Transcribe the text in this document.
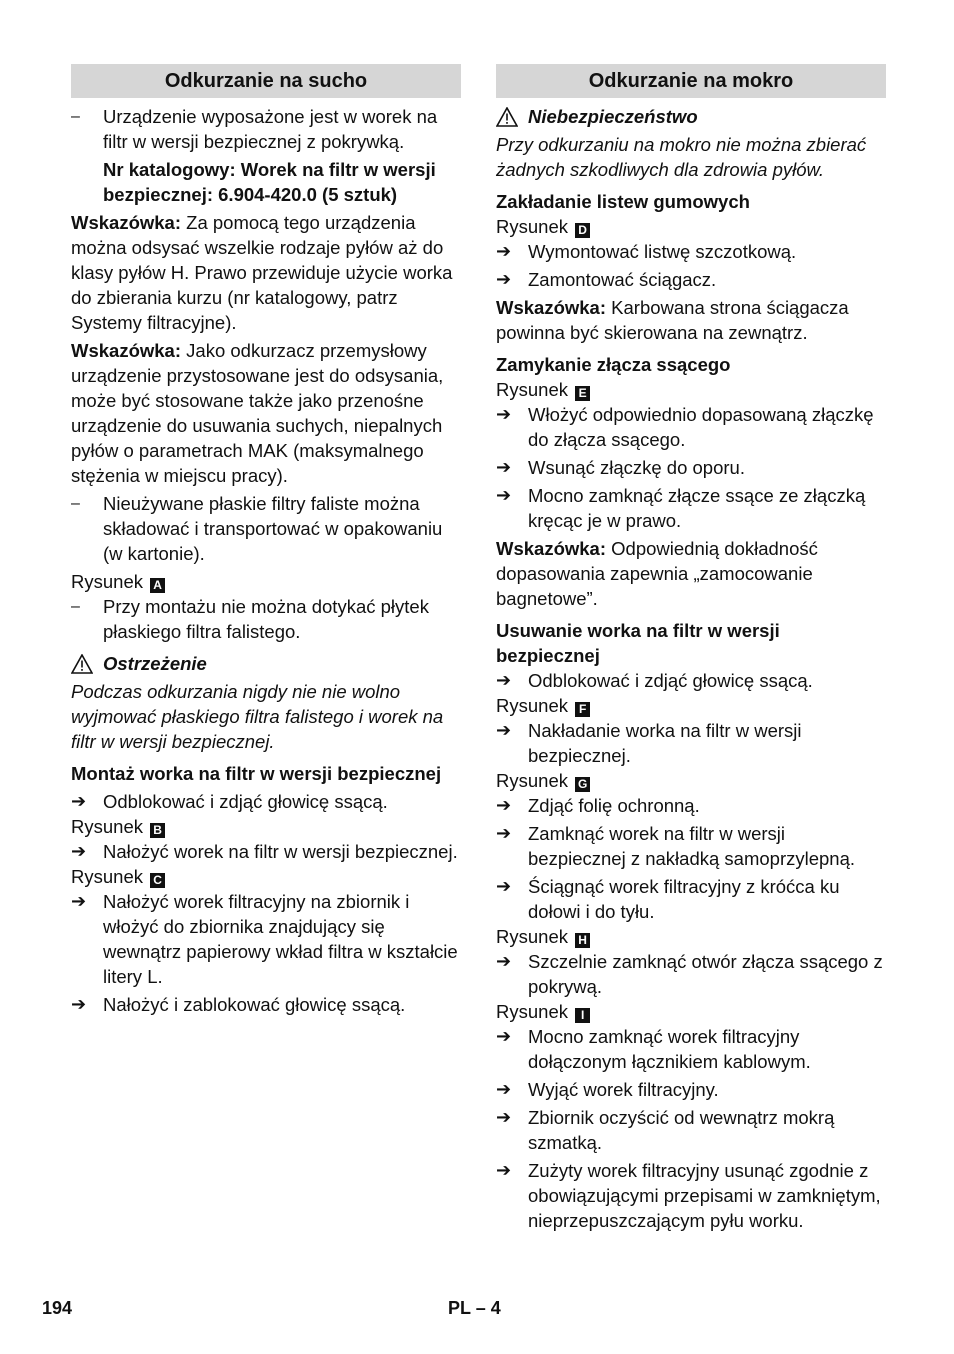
Odkurzanie na sucho
–	Urządzenie wyposażone jest w worek na filtr w wersji bezpiecznej z pokrywką.
Nr katalogowy: Worek na filtr w wersji bezpiecznej: 6.904-420.0 (5 sztuk)
Wskazówka: Za pomocą tego urządzenia można odsysać wszelkie rodzaje pyłów aż do klasy pyłów H. Prawo przewiduje użycie worka do zbierania kurzu (nr katalogowy, patrz Systemy filtracyjne).
Wskazówka: Jako odkurzacz przemysłowy urządzenie przystosowane jest do odsysania, może być stosowane także jako przenośne urządzenie do usuwania suchych, niepalnych pyłów o parametrach MAK (maksymalnego stężenia w miejscu pracy).
–	Nieużywane płaskie filtry faliste można składować i transportować w opakowaniu (w kartonie).
Rysunek A
–	Przy montażu nie można dotykać płytek płaskiego filtra falistego.
Ostrzeżenie
Podczas odkurzania nigdy nie nie wolno wyjmować płaskiego filtra falistego i worek na filtr w wersji bezpiecznej.
Montaż worka na filtr w wersji bezpiecznej
➔ Odblokować i zdjąć głowicę ssącą.
Rysunek B
➔ Nałożyć worek na filtr w wersji bezpiecznej.
Rysunek C
➔ Nałożyć worek filtracyjny na zbiornik i włożyć do zbiornika znajdujący się wewnątrz papierowy wkład filtra w kształcie litery L.
➔ Nałożyć i zablokować głowicę ssącą.
Odkurzanie na mokro
Niebezpieczeństwo
Przy odkurzaniu na mokro nie można zbierać żadnych szkodliwych dla zdrowia pyłów.
Zakładanie listew gumowych
Rysunek D
➔ Wymontować listwę szczotkową.
➔ Zamontować ściągacz.
Wskazówka: Karbowana strona ściągacza powinna być skierowana na zewnątrz.
Zamykanie złącza ssącego
Rysunek E
➔ Włożyć odpowiednio dopasowaną złączkę do złącza ssącego.
➔ Wsunąć złączkę do oporu.
➔ Mocno zamknąć złącze ssące ze złączką kręcąc je w prawo.
Wskazówka: Odpowiednią dokładność dopasowania zapewnia „zamocowanie bagnetowe”.
Usuwanie worka na filtr w wersji bezpiecznej
➔ Odblokować i zdjąć głowicę ssącą.
Rysunek F
➔ Nakładanie worka na filtr w wersji bezpiecznej.
Rysunek G
➔ Zdjąć folię ochronną.
➔ Zamknąć worek na filtr w wersji bezpiecznej z nakładką samoprzylepną.
➔ Ściągnąć worek filtracyjny z króćca ku dołowi i do tyłu.
Rysunek H
➔ Szczelnie zamknąć otwór złącza ssącego z pokrywą.
Rysunek I
➔ Mocno zamknąć worek filtracyjny dołączonym łącznikiem kablowym.
➔ Wyjąć worek filtracyjny.
➔ Zbiornik oczyścić od wewnątrz mokrą szmatką.
➔ Zużyty worek filtracyjny usunąć zgodnie z obowiązującymi przepisami w zamkniętym, nieprzepuszczającym pyłu worku.
194	PL – 4
